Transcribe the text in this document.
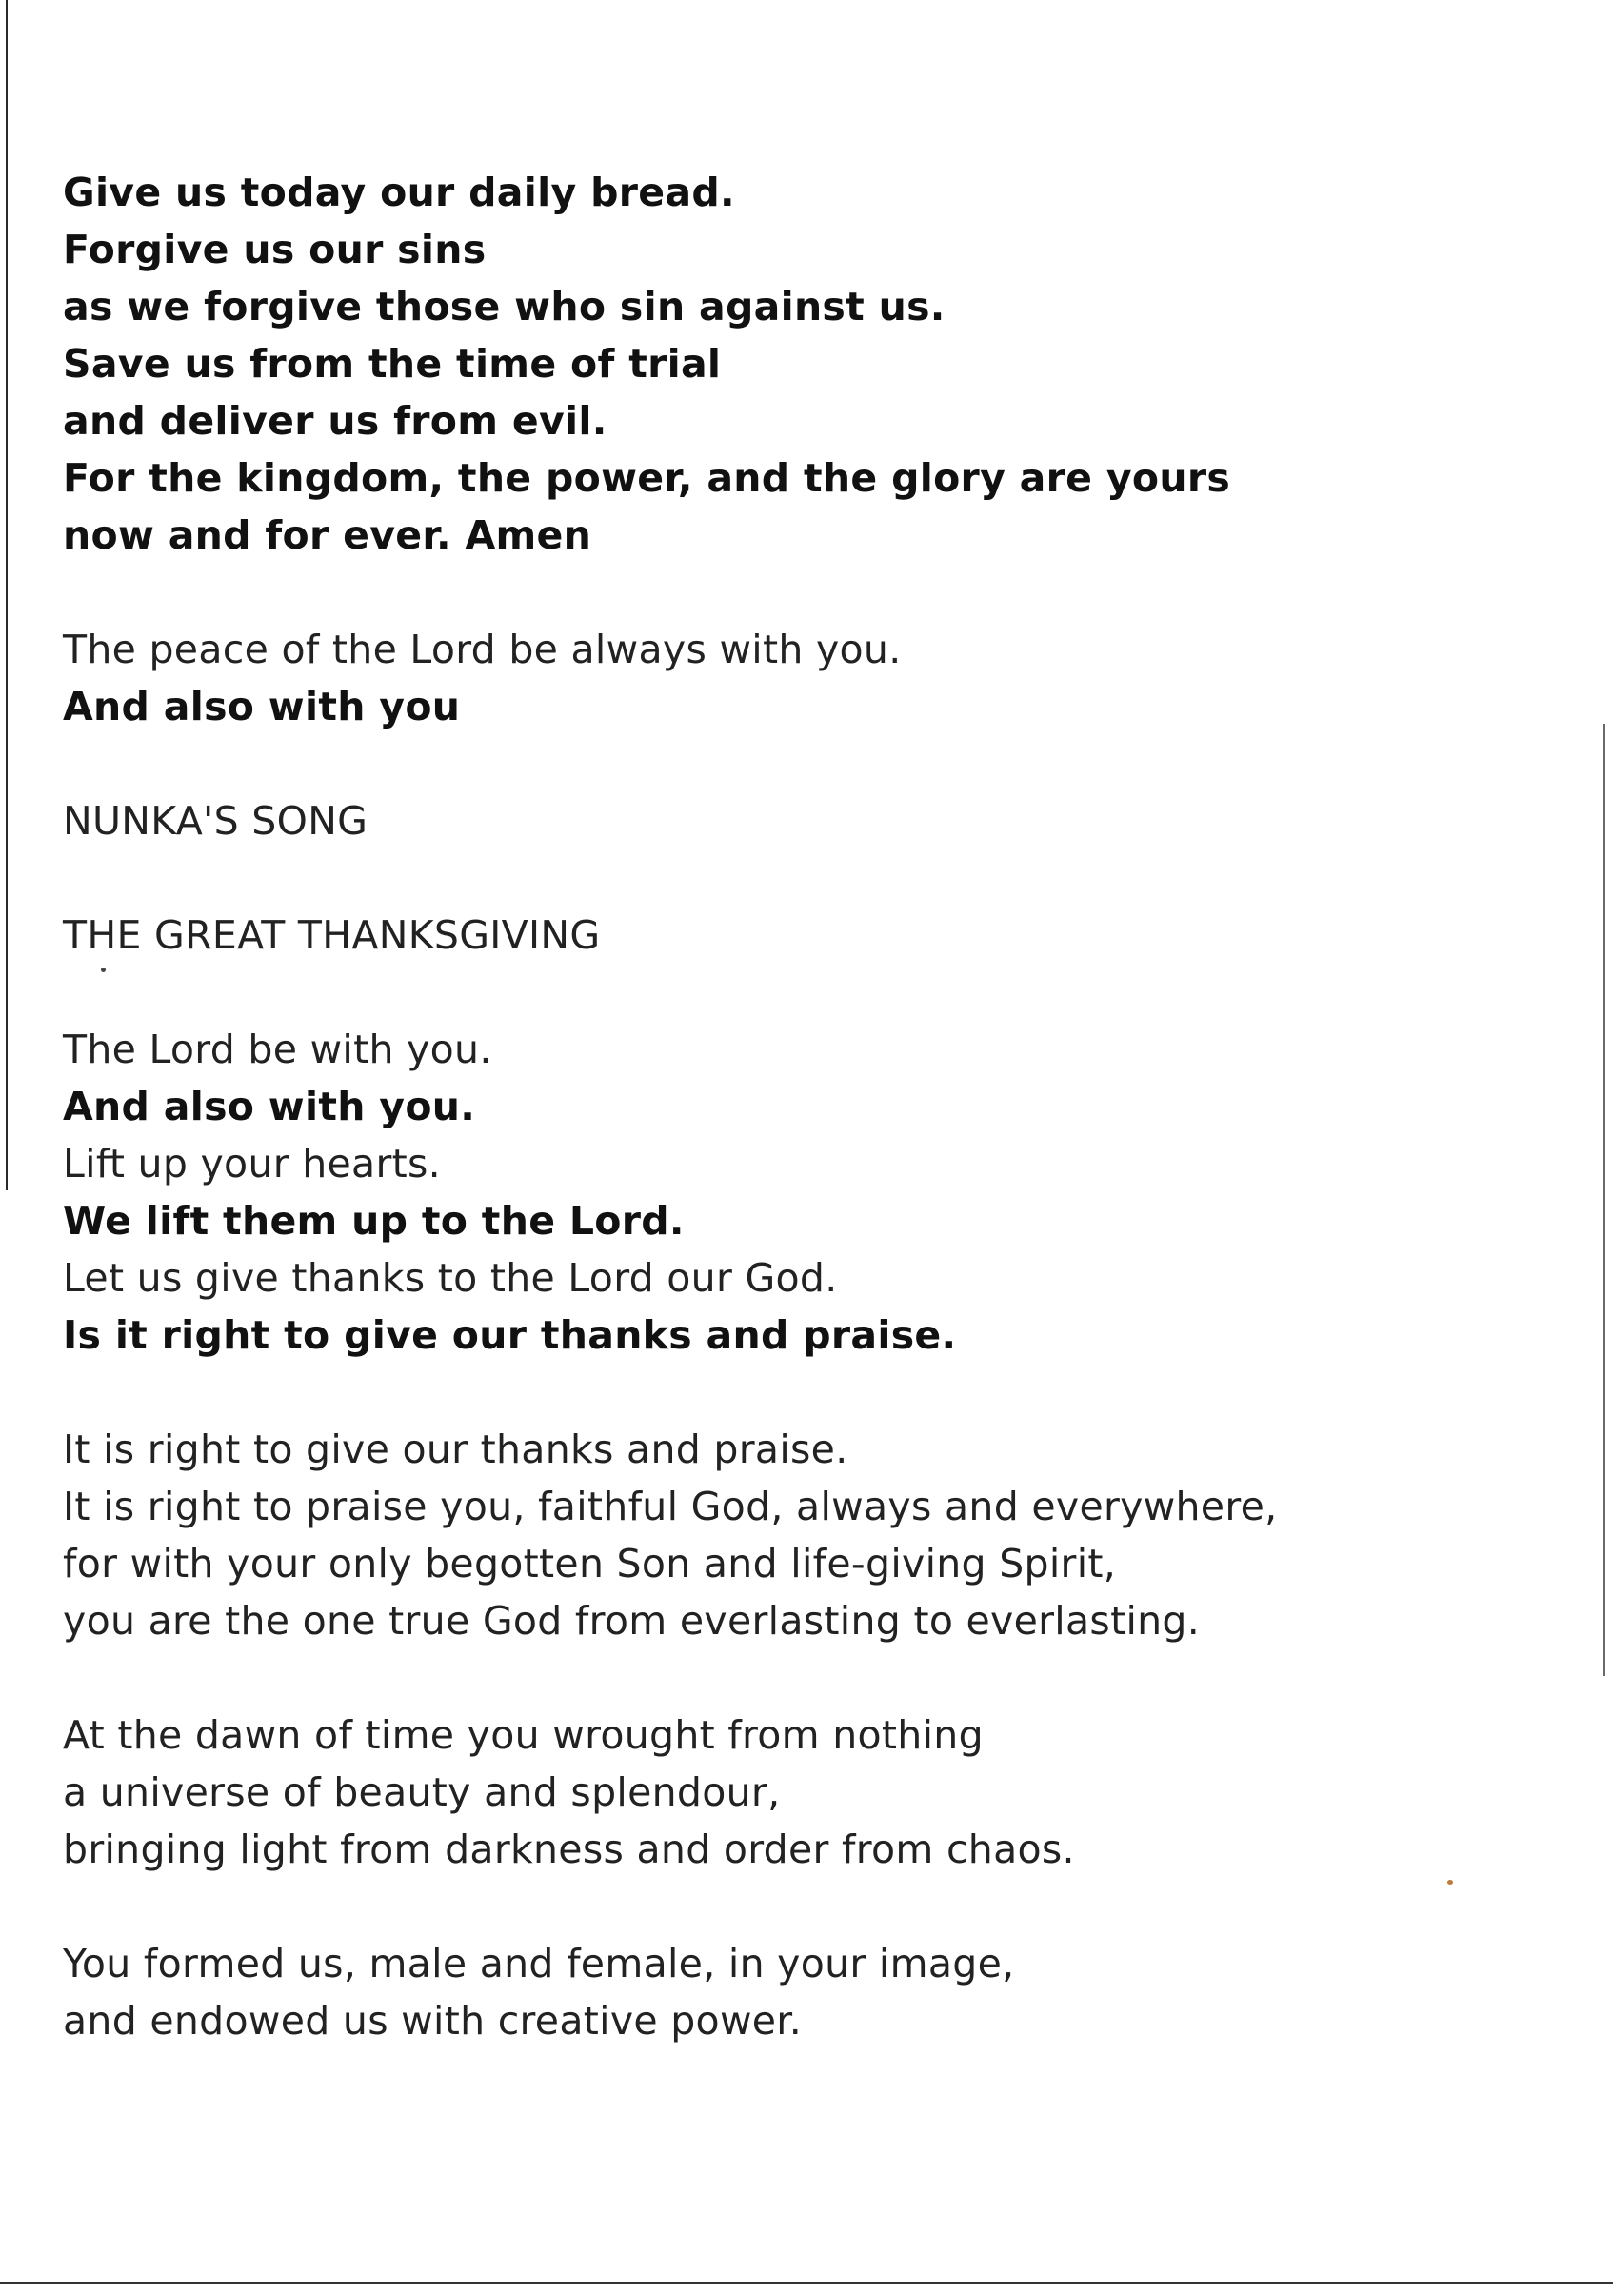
Give us today our daily bread.
Forgive us our sins
as we forgive those who sin against us.
Save us from the time of trial
and deliver us from evil.
For the kingdom, the power, and the glory are yours
now and for ever. Amen
The peace of the Lord be always with you.
And also with you
NUNKA'S SONG
THE GREAT THANKSGIVING
The Lord be with you.
And also with you.
Lift up your hearts.
We lift them up to the Lord.
Let us give thanks to the Lord our God.
Is it right to give our thanks and praise.
It is right to give our thanks and praise.
It is right to praise you, faithful God, always and everywhere,
for with your only begotten Son and life-giving Spirit,
you are the one true God from everlasting to everlasting.
At the dawn of time you wrought from nothing
a universe of beauty and splendour,
bringing light from darkness and order from chaos.
You formed us, male and female, in your image,
and endowed us with creative power.
